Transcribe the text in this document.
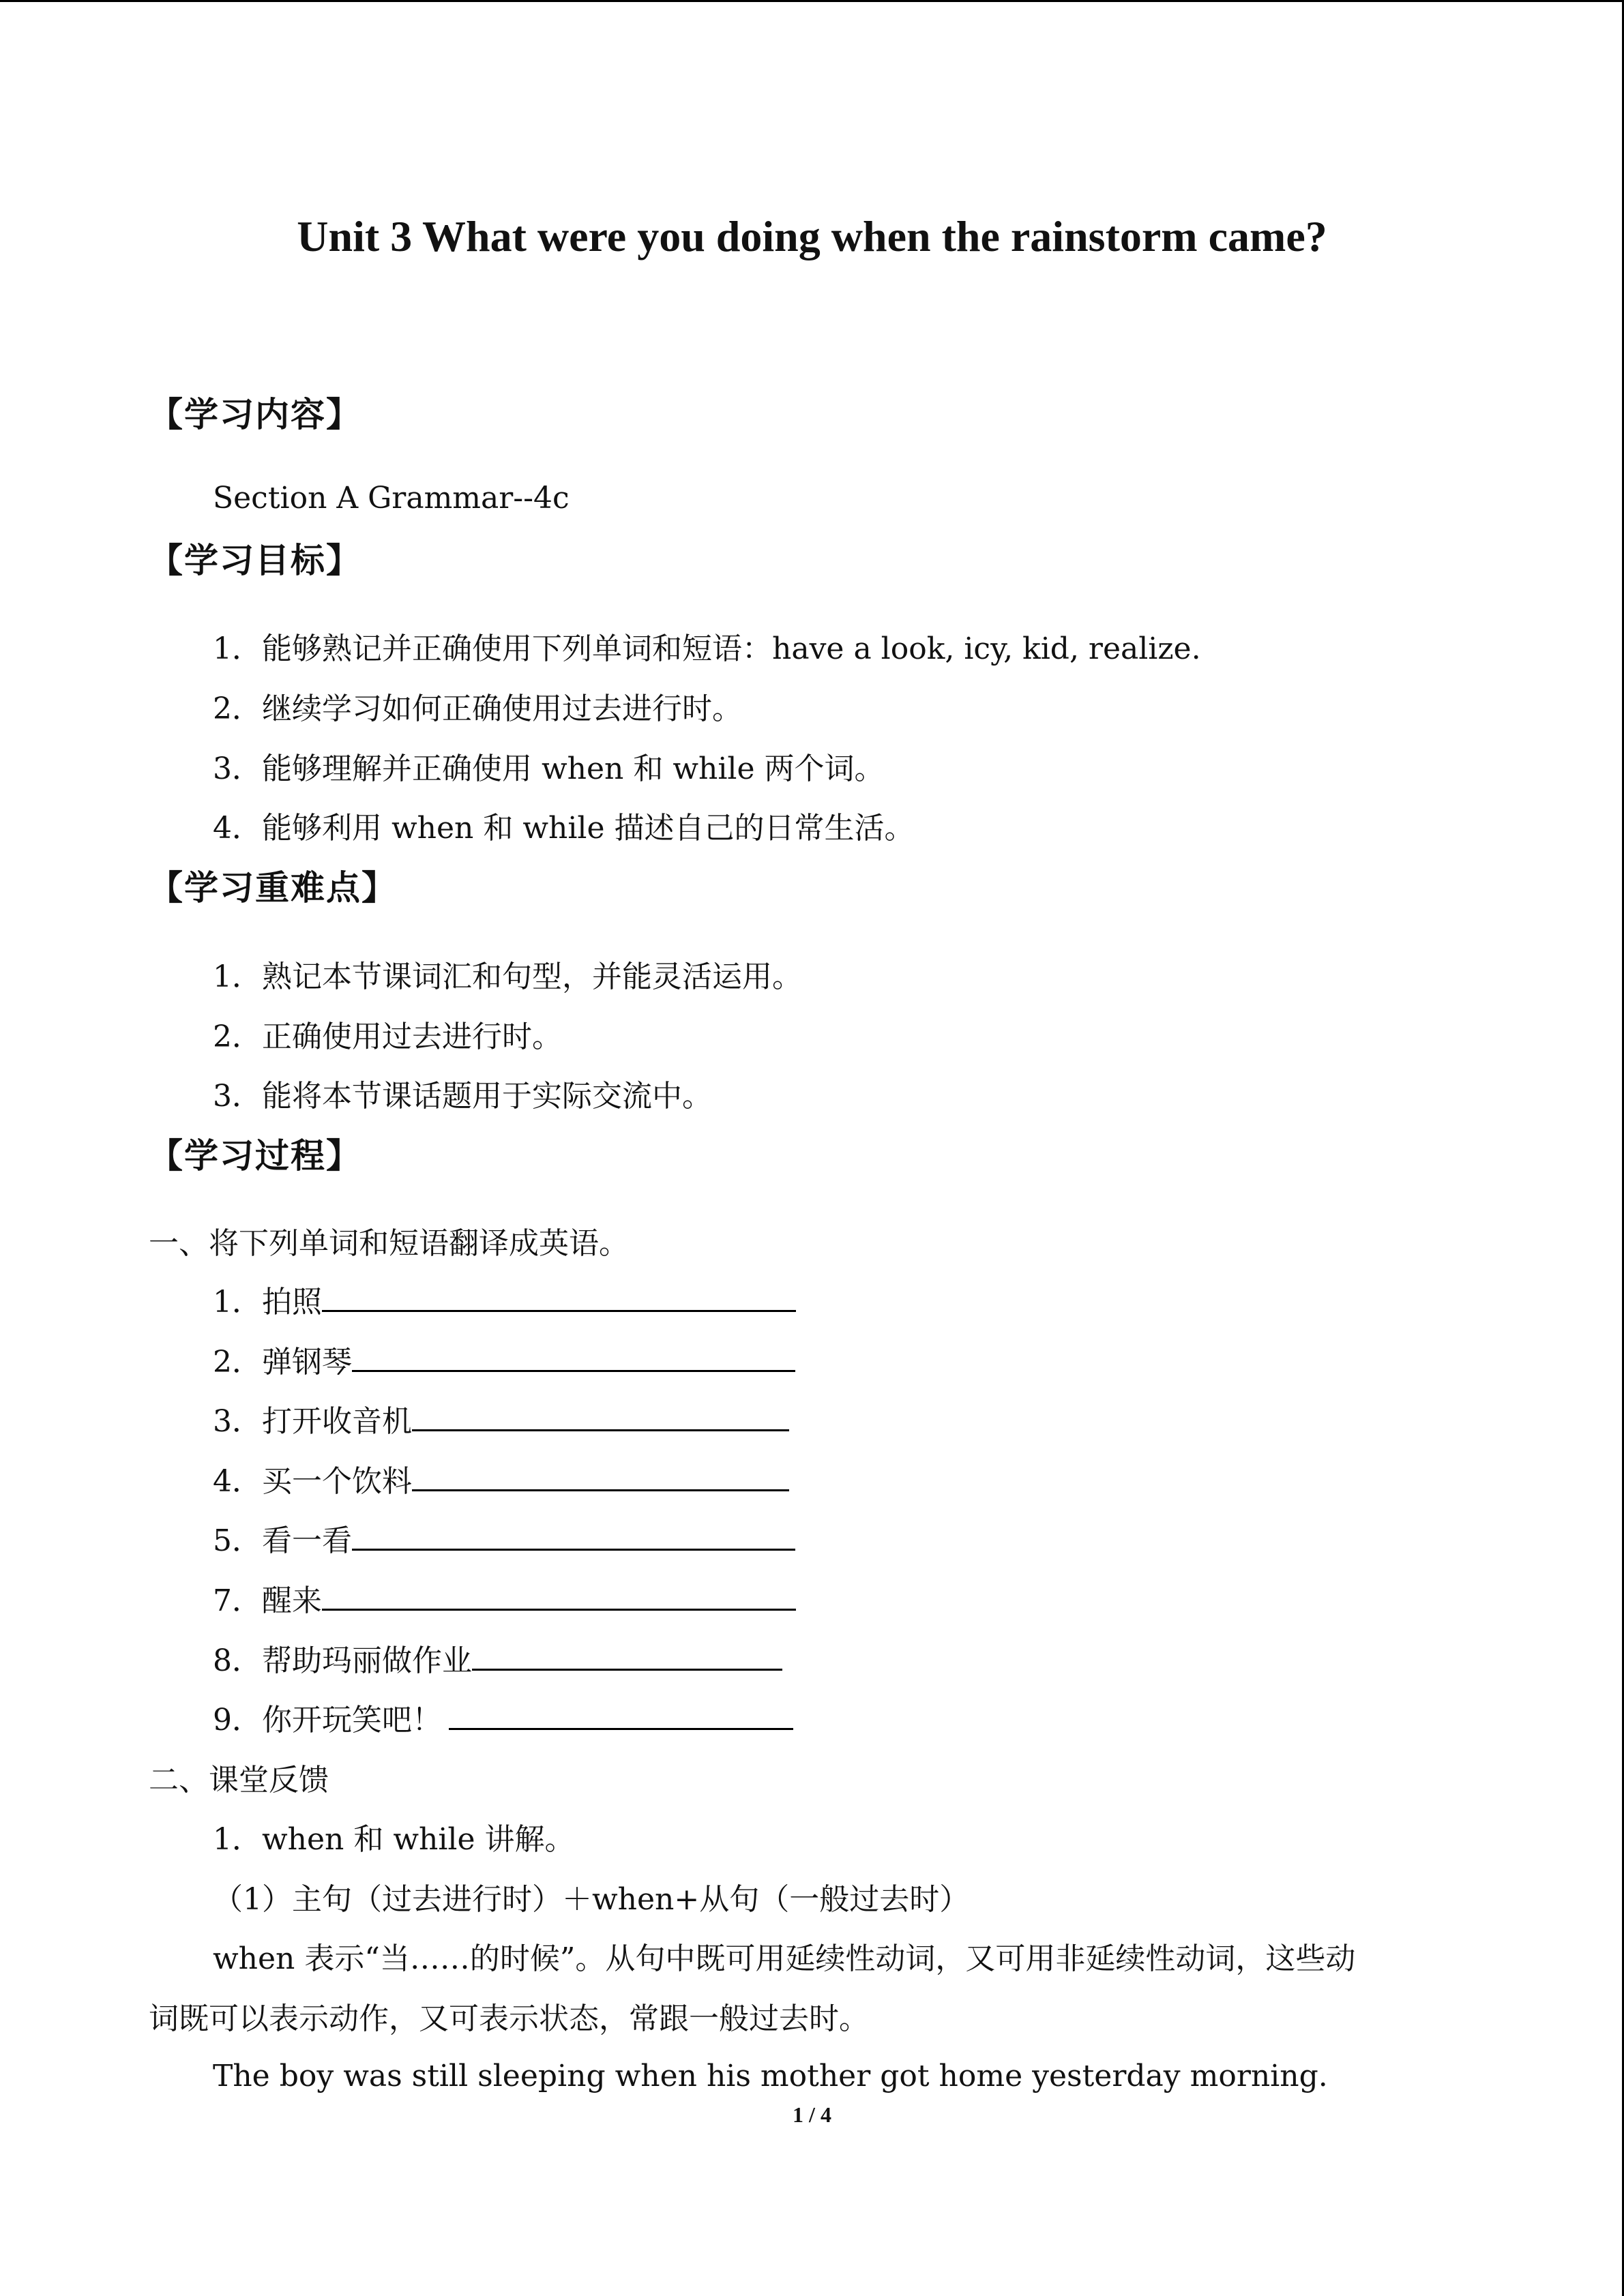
Unit 3 What were you doing when the rainstorm came?
【学习内容】
Section A Grammar--4c
【学习目标】
1．能够熟记并正确使用下列单词和短语：have a look, icy, kid, realize.
2．继续学习如何正确使用过去进行时。
3．能够理解并正确使用 when 和 while 两个词。
4．能够利用 when 和 while 描述自己的日常生活。
【学习重难点】
1．熟记本节课词汇和句型，并能灵活运用。
2．正确使用过去进行时。
3．能将本节课话题用于实际交流中。
【学习过程】
一、将下列单词和短语翻译成英语。
1．拍照
2．弹钢琴
3．打开收音机
4．买一个饮料
5．看一看
7．醒来
8．帮助玛丽做作业
9．你开玩笑吧！
二、课堂反馈
1．when 和 while 讲解。
（1）主句（过去进行时）＋when+从句（一般过去时）
when 表示“当……的时候”。从句中既可用延续性动词，又可用非延续性动词，这些动
词既可以表示动作，又可表示状态，常跟一般过去时。
The boy was still sleeping when his mother got home yesterday morning.
1 / 4
